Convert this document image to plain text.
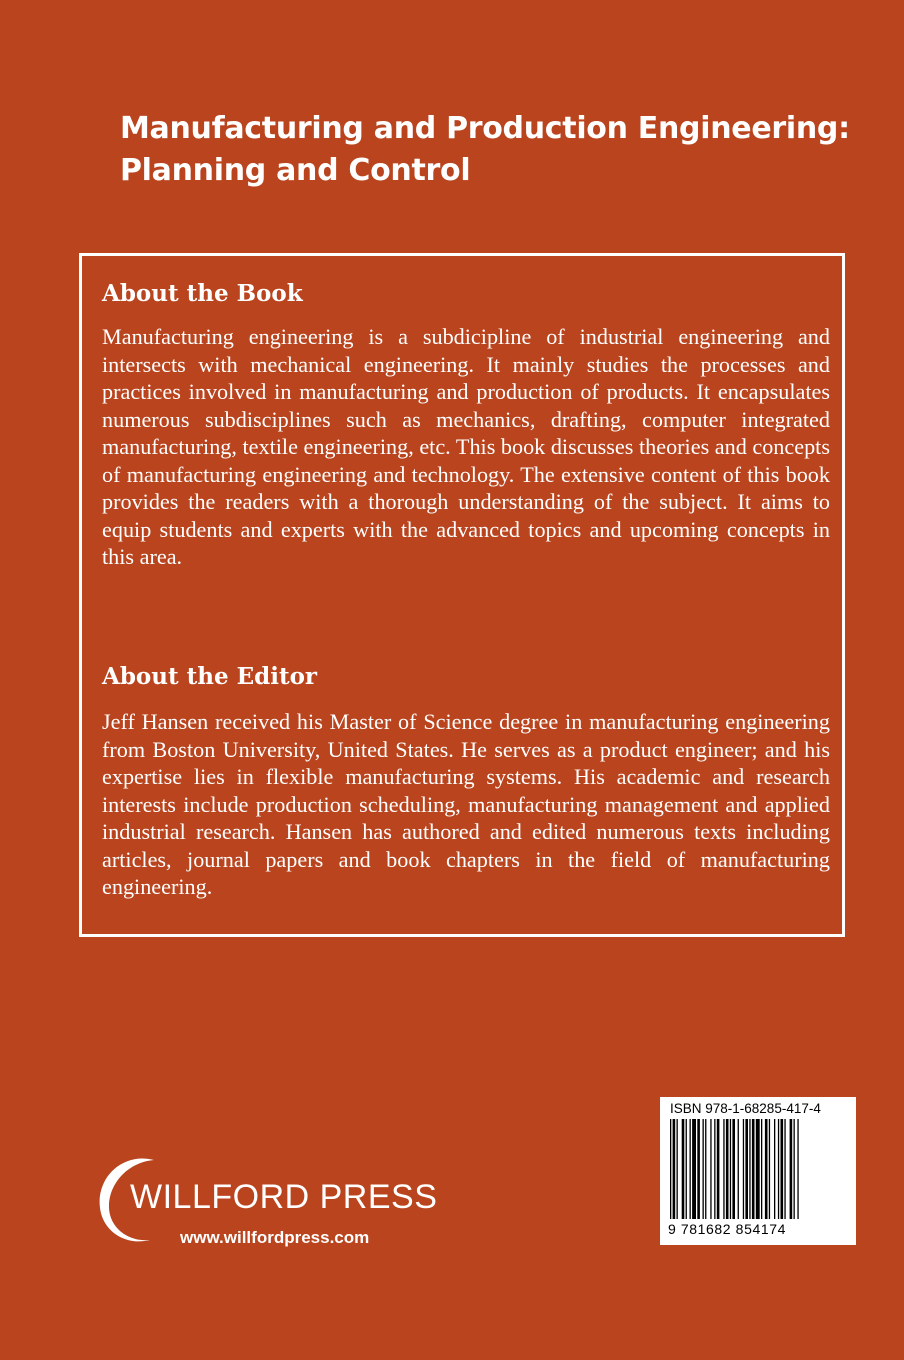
Manufacturing and Production Engineering:
Planning and Control
About the Book

Manufacturing engineering is a subdicipline of industrial engineering and intersects with mechanical engineering. It mainly studies the processes and practices involved in manufacturing and production of products. It encapsulates numerous subdisciplines such as mechanics, drafting, computer integrated manufacturing, textile engineering, etc. This book discusses theories and concepts of manufacturing engineering and technology. The extensive content of this book provides the readers with a thorough understanding of the subject. It aims to equip students and experts with the advanced topics and upcoming concepts in this area.

About the Editor

Jeff Hansen received his Master of Science degree in manufacturing engineering from Boston University, United States. He serves as a product engineer; and his expertise lies in flexible manufacturing systems. His academic and research interests include production scheduling, manufacturing management and applied industrial research. Hansen has authored and edited numerous texts including articles, journal papers and book chapters in the field of manufacturing engineering.

WILLFORD PRESS
www.willfordpress.com
ISBN 978-1-68285-417-4
9 781682 854174
